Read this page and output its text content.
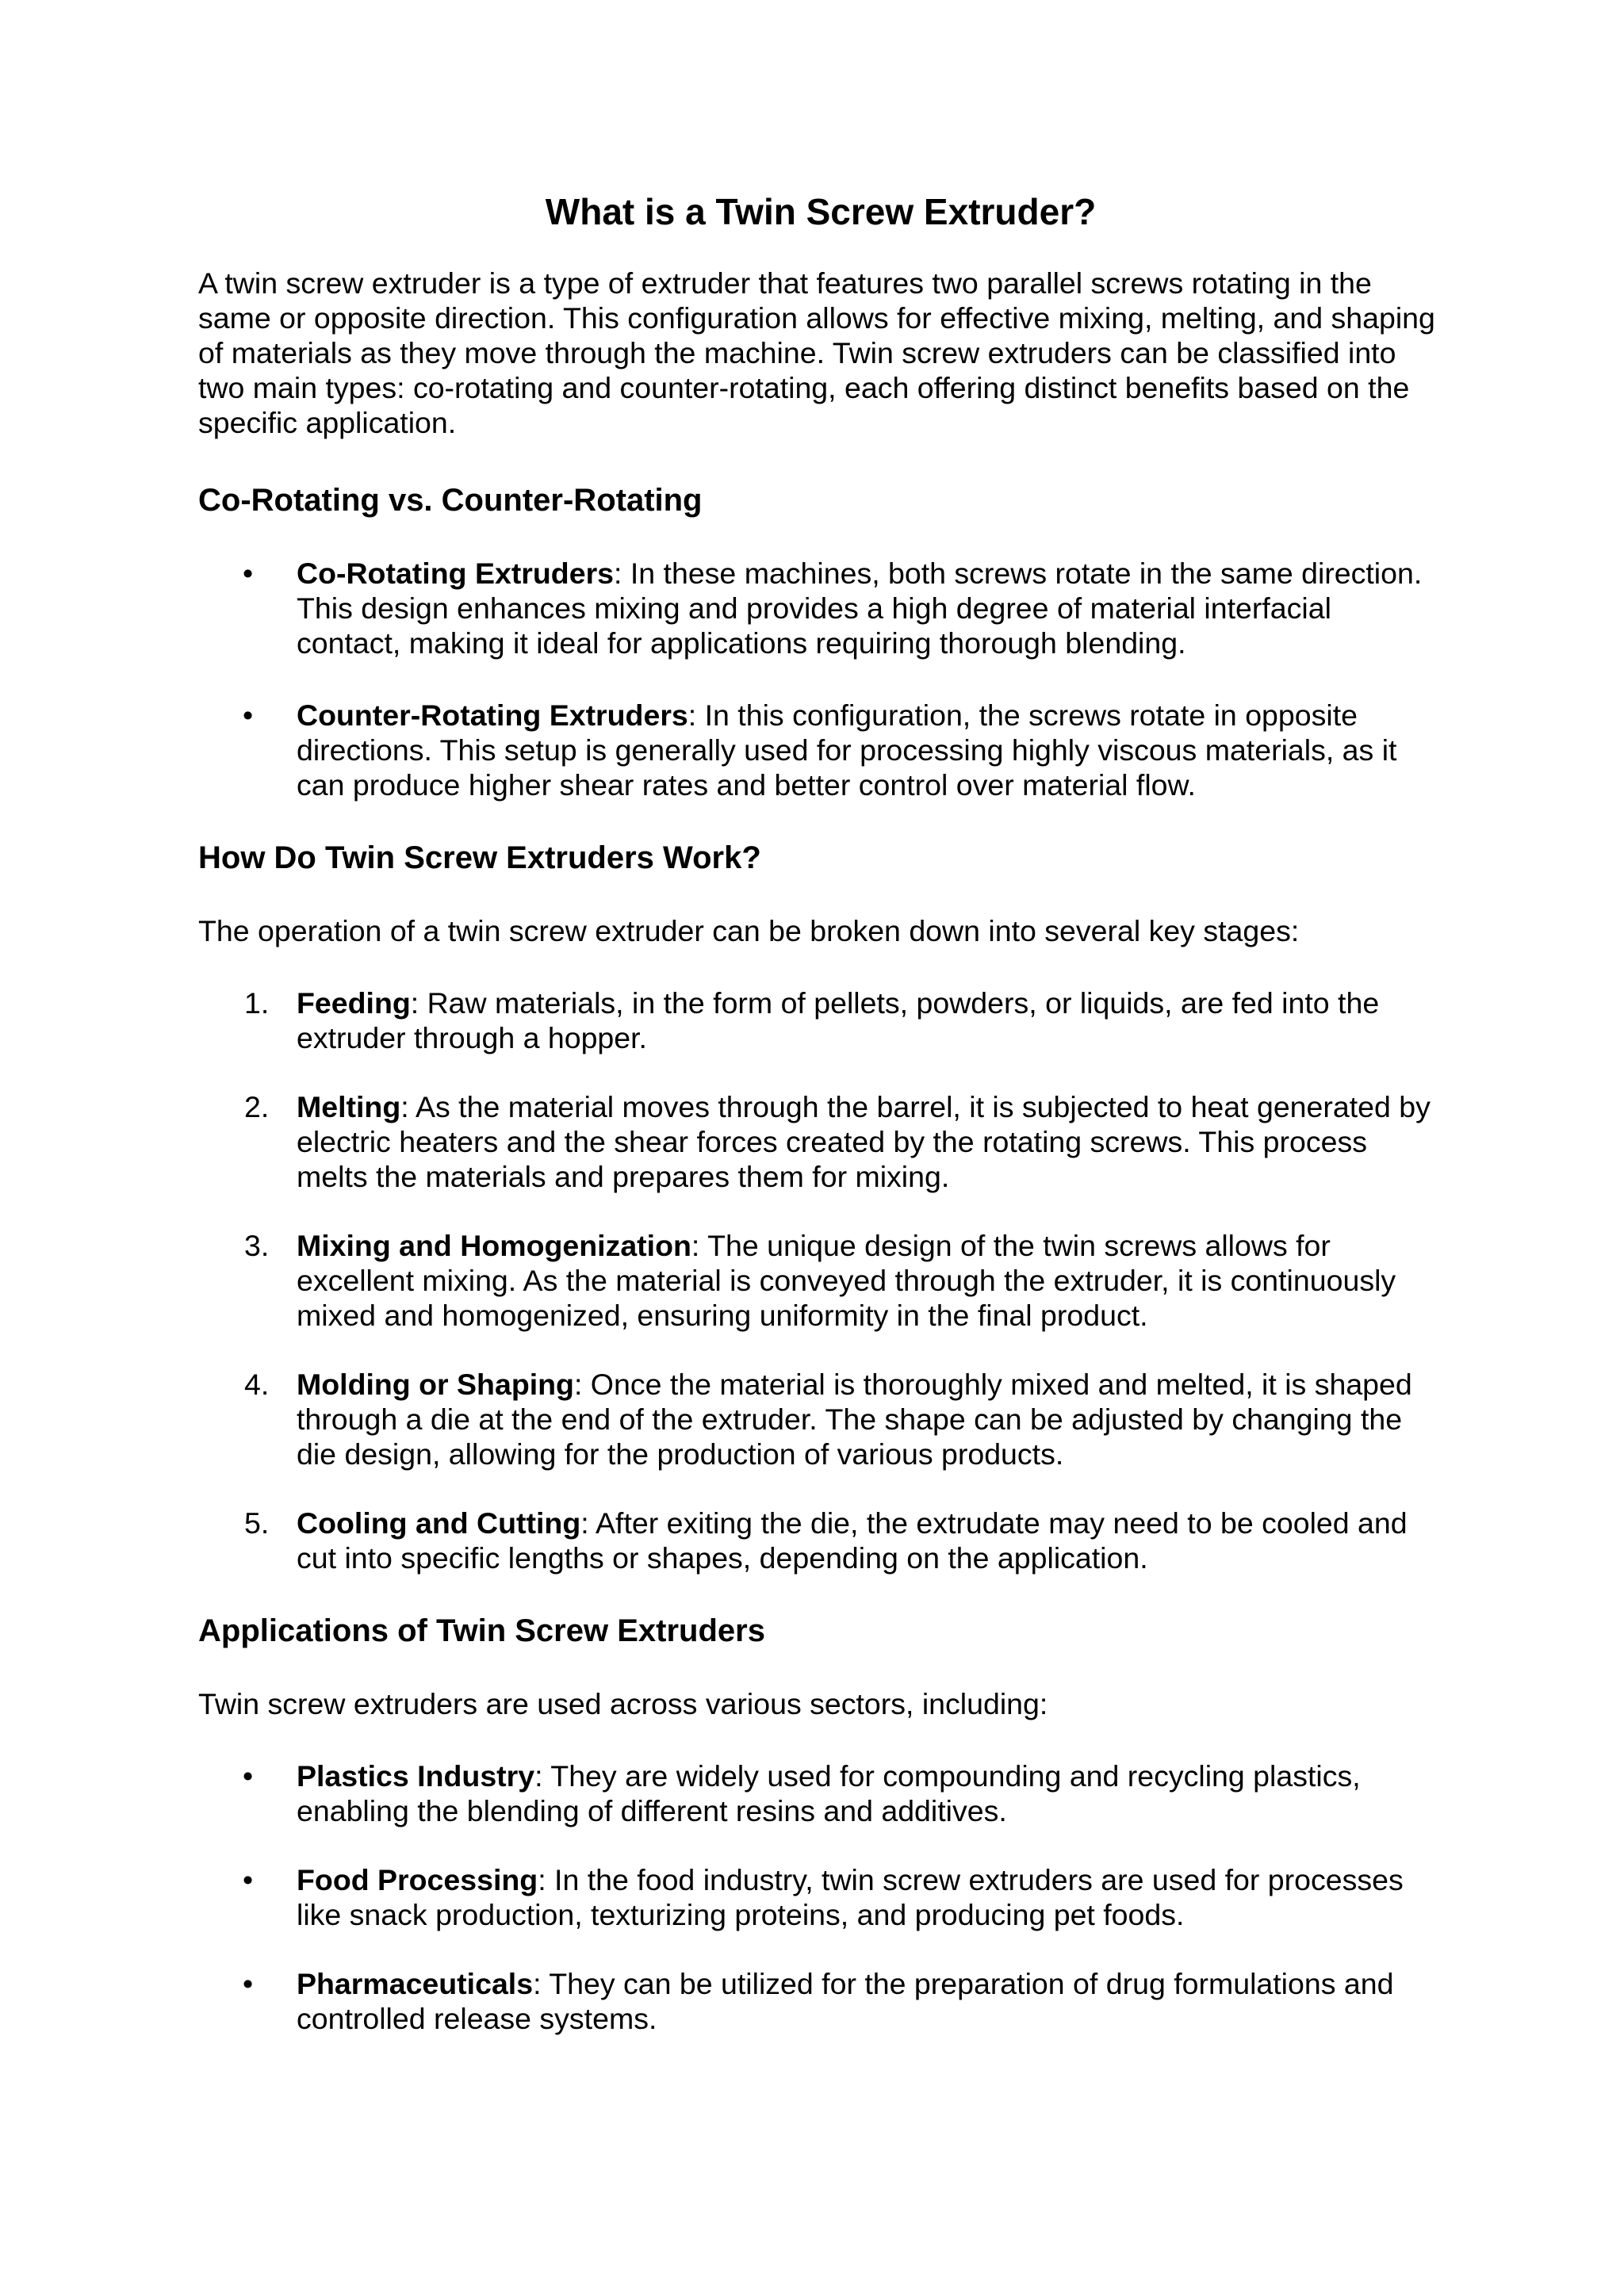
What is a Twin Screw Extruder?

A twin screw extruder is a type of extruder that features two parallel screws rotating in the same or opposite direction. This configuration allows for effective mixing, melting, and shaping of materials as they move through the machine. Twin screw extruders can be classified into two main types: co-rotating and counter-rotating, each offering distinct benefits based on the specific application.

Co-Rotating vs. Counter-Rotating
• Co-Rotating Extruders: In these machines, both screws rotate in the same direction. This design enhances mixing and provides a high degree of material interfacial contact, making it ideal for applications requiring thorough blending.
• Counter-Rotating Extruders: In this configuration, the screws rotate in opposite directions. This setup is generally used for processing highly viscous materials, as it can produce higher shear rates and better control over material flow.
How Do Twin Screw Extruders Work?

The operation of a twin screw extruder can be broken down into several key stages:

1. Feeding: Raw materials, in the form of pellets, powders, or liquids, are fed into the extruder through a hopper.
2. Melting: As the material moves through the barrel, it is subjected to heat generated by electric heaters and the shear forces created by the rotating screws. This process melts the materials and prepares them for mixing.
3. Mixing and Homogenization: The unique design of the twin screws allows for excellent mixing. As the material is conveyed through the extruder, it is continuously mixed and homogenized, ensuring uniformity in the final product.
4. Molding or Shaping: Once the material is thoroughly mixed and melted, it is shaped through a die at the end of the extruder. The shape can be adjusted by changing the die design, allowing for the production of various products.
5. Cooling and Cutting: After exiting the die, the extrudate may need to be cooled and cut into specific lengths or shapes, depending on the application.
Applications of Twin Screw Extruders

Twin screw extruders are used across various sectors, including:

• Plastics Industry: They are widely used for compounding and recycling plastics, enabling the blending of different resins and additives.
• Food Processing: In the food industry, twin screw extruders are used for processes like snack production, texturizing proteins, and producing pet foods.
• Pharmaceuticals: They can be utilized for the preparation of drug formulations and controlled release systems.
